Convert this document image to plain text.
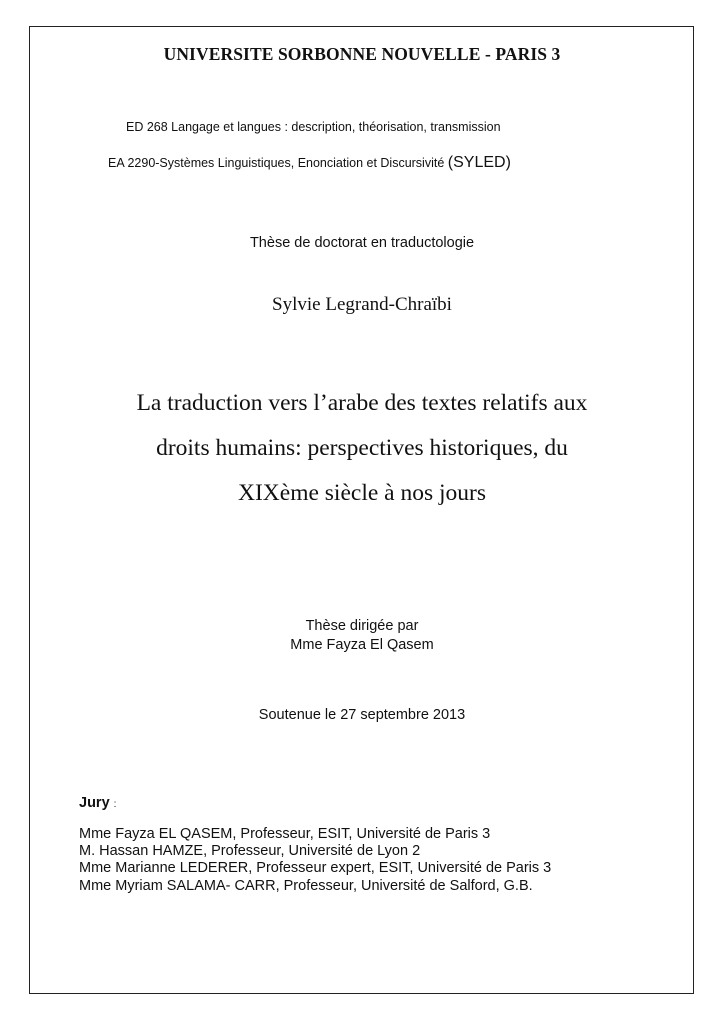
UNIVERSITE SORBONNE NOUVELLE - PARIS 3
ED 268 Langage et langues : description, théorisation, transmission
EA 2290-Systèmes Linguistiques, Enonciation et Discursivité (SYLED)
Thèse de doctorat en traductologie
Sylvie Legrand-Chraïbi
La traduction vers l’arabe des textes relatifs aux
droits humains: perspectives historiques, du
XIXème siècle à nos jours
Thèse dirigée par
Mme Fayza El Qasem
Soutenue le 27 septembre 2013
Jury :
Mme Fayza EL QASEM, Professeur, ESIT, Université de Paris 3
M. Hassan HAMZE, Professeur, Université de Lyon 2
Mme Marianne LEDERER, Professeur expert, ESIT, Université de Paris 3
Mme Myriam SALAMA- CARR, Professeur, Université de Salford, G.B.
